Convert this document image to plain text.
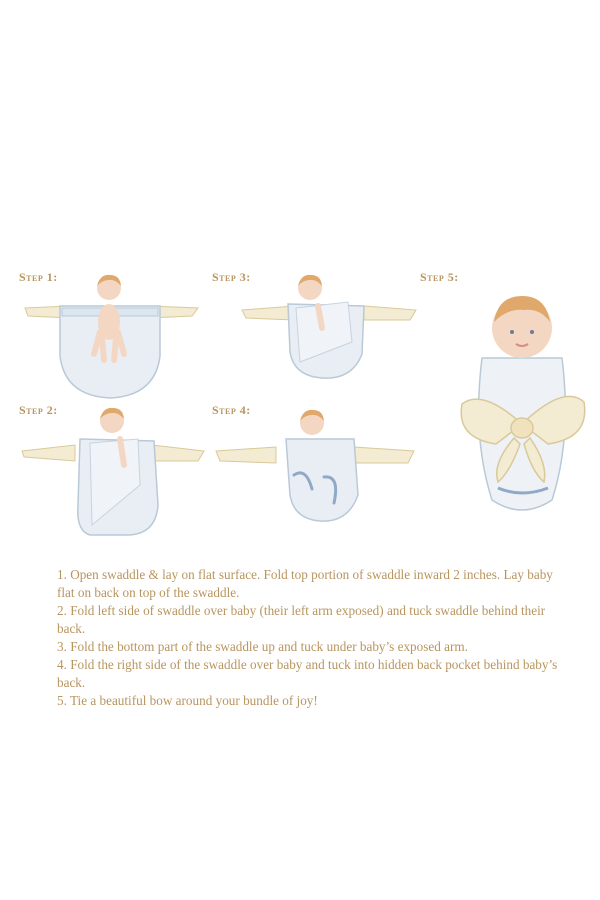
Step 1:
Step 2:
Step 3:
Step 4:
Step 5:

1. Open swaddle & lay on flat surface. Fold top portion of swaddle inward 2 inches. Lay baby flat on back on top of the swaddle.

2. Fold left side of swaddle over baby (their left arm exposed) and tuck swaddle behind their back.

3. Fold the bottom part of the swaddle up and tuck under baby’s exposed arm.

4. Fold the right side of the swaddle over baby and tuck into hidden back pocket behind baby’s back.

5. Tie a beautiful bow around your bundle of joy!
